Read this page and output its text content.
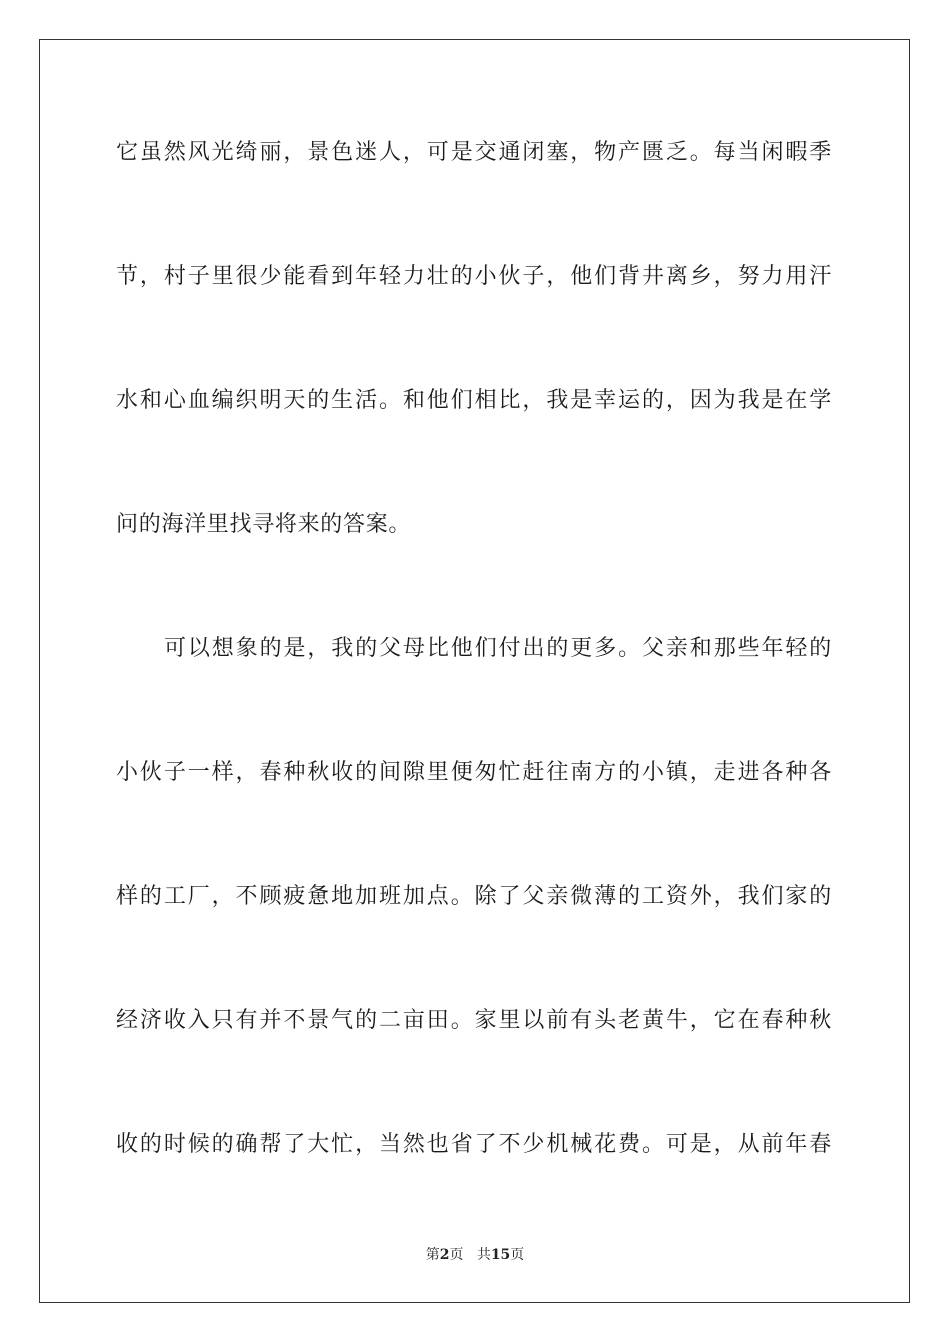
它虽然风光绮丽，景色迷人，可是交通闭塞，物产匮乏。每当闲暇季
节，村子里很少能看到年轻力壮的小伙子，他们背井离乡，努力用汗
水和心血编织明天的生活。和他们相比，我是幸运的，因为我是在学
问的海洋里找寻将来的答案。
可以想象的是，我的父母比他们付出的更多。父亲和那些年轻的
小伙子一样，春种秋收的间隙里便匆忙赶往南方的小镇，走进各种各
样的工厂，不顾疲惫地加班加点。除了父亲微薄的工资外，我们家的
经济收入只有并不景气的二亩田。家里以前有头老黄牛，它在春种秋
收的时候的确帮了大忙，当然也省了不少机械花费。可是，从前年春
第2页 共15页
